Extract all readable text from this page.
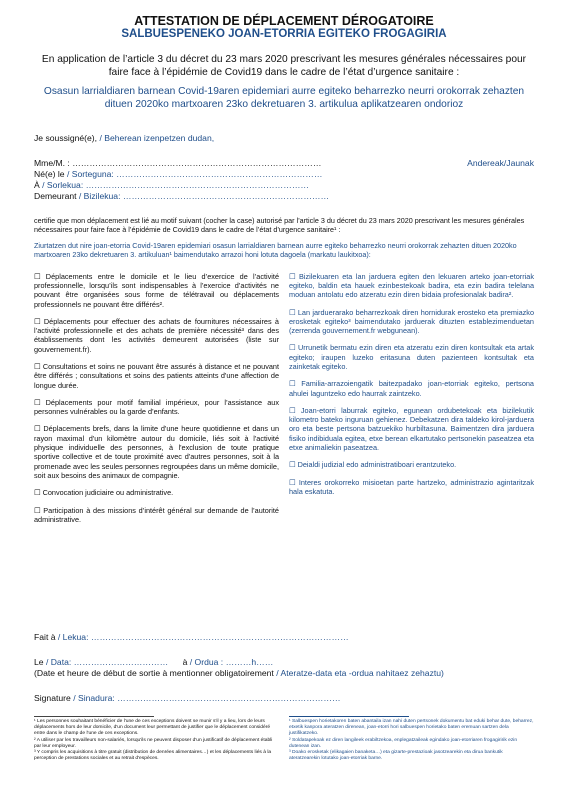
ATTESTATION DE DÉPLACEMENT DÉROGATOIRE
SALBUESPENEKO JOAN-ETORRIA EGITEKO FROGAGIRIA
En application de l’article 3 du décret du 23 mars 2020 prescrivant les mesures générales nécessaires pour faire face à l’épidémie de Covid19 dans le cadre de l’état d’urgence sanitaire :
Osasun larrialdiaren barnean Covid-19aren epidemiari aurre egiteko beharrezko neurri orokorrak zehazten dituen 2020ko martxoaren 23ko dekretuaren 3. artikulua aplikatzearen ondorioz
Je soussigné(e), / Beherean izenpetzen dudan,
Mme/M. : ……………………………………………………………………………	Andereak/Jaunak
Né(e) le / Sorteguna: ………………………………………………………………
À / Sorlekua: ……………………………………………………………………
Demeurant / Bizilekua: ………………………………………………………………
certifie que mon déplacement est lié au motif suivant (cocher la case) autorisé par l’article 3 du décret du 23 mars 2020 prescrivant les mesures générales nécessaires pour faire face à l’épidémie de Covid19 dans le cadre de l’état d’urgence sanitaire¹ :
Ziurtatzen dut nire joan-etorria Covid-19aren epidemiari osasun larrialdiaren barnean aurre egiteko beharrezko neurri orokorrak zehazten dituen 2020ko martxoaren 23ko dekretuaren 3. artikuluan¹ baimendutako arrazoi honi lotuta dagoela (markatu laukitxoa):
☐ Déplacements entre le domicile et le lieu d’exercice de l’activité professionnelle, lorsqu’ils sont indispensables à l’exercice d’activités ne pouvant être organisées sous forme de télétravail ou déplacements professionnels ne pouvant être différés².
☐ Déplacements pour effectuer des achats de fournitures nécessaires à l’activité professionnelle et des achats de première nécessité³ dans des établissements dont les activités demeurent autorisées (liste sur gouvernement.fr).
☐ Consultations et soins ne pouvant être assurés à distance et ne pouvant être différés ; consultations et soins des patients atteints d'une affection de longue durée.
☐ Déplacements pour motif familial impérieux, pour l’assistance aux personnes vulnérables ou la garde d’enfants.
☐ Déplacements brefs, dans la limite d'une heure quotidienne et dans un rayon maximal d'un kilomètre autour du domicile, liés soit à l'activité physique individuelle des personnes, à l'exclusion de toute pratique sportive collective et de toute proximité avec d'autres personnes, soit à la promenade avec les seules personnes regroupées dans un même domicile, soit aux besoins des animaux de compagnie.
☐ Convocation judiciaire ou administrative.
☐ Participation à des missions d’intérêt général sur demande de l’autorité administrative.
☐ Bizilekuaren eta lan jarduera egiten den lekuaren arteko joan-etorriak egiteko, baldin eta hauek ezinbestekoak badira, eta ezin badira telelana moduan antolatu edo atzeratu ezin diren bidaia profesionalak badira².
☐ Lan jarduerarako beharrezkoak diren hornidurak erosteko eta premiazko erosketak egiteko³ baimendutako jarduerak dituzten establezimenduetan (zerrenda gouvernement.fr webgunean).
☐ Urrunetik bermatu ezin diren eta atzeratu ezin diren kontsultak eta artak egiteko; iraupen luzeko eritasuna duten pazienteen kontsultak eta zainketak egiteko.
☐ Familia-arrazoiengatik baitezpadako joan-etorriak egiteko, pertsona ahulei laguntzeko edo haurrak zaintzeko.
☐ Joan-etorri laburrak egiteko, egunean ordubetekoak eta bizilekutik kilometro bateko inguruan gehienez. Debekatzen dira taldeko kirol-jarduera oro eta beste pertsona batzuekiko hurbiltasuna. Baimentzen dira jarduera fisiko indibiduala egitea, etxe berean elkartutako pertsonekin paseatzea eta etxe animaliekin paseatzea.
☐ Deialdi judizial edo administratiboari erantzuteko.
☐ Interes orokorreko misioetan parte hartzeko, administrazio agintaritzak hala eskatuta.
Fait à / Lekua: ………………………………………………………………………………
Le / Data: …………………………… à / Ordua : ………h……
(Date et heure de début de sortie à mentionner obligatoirement / Ateratze-data eta -ordua nahitaez zehaztu)
Signature / Sinadura: ……………………………………………………………………
¹ Les personnes souhaitant bénéficier de l'une de ces exceptions doivent se munir s'il y a lieu, lors de leurs déplacements hors de leur domicile, d'un document leur permettant de justifier que le déplacement considéré entre dans le champ de l'une de ces exceptions.
² A utiliser par les travailleurs non-salariés, lorsqu'ils ne peuvent disposer d'un justificatif de déplacement établi par leur employeur.
³ Y compris les acquisitions à titre gratuit (distribution de denrées alimentaires…) et les déplacements liés à la perception de prestations sociales et au retrait d'espèces.
¹ Salbuespen horietakoren baten abantaila izan nahi duten pertsonek dokumentu bat eduki behar dute, beharrez, etxetik kanpora ateratzen direnean, joan-etorri hori salbuespen horietako baten eremuan sartzen dela justifikatzeko.
² Soldatapekoak ez diren langileek erabiltzekoa, enplegatzaileak egindako joan-etorriaren frogagiririk ezin dutenean izan.
³ Doako erosketak (elikagaien banaketa…) eta gizarte-prestazioak jasotzearekin eta dirua bankutik ateratzearekin lotutako joan-etorriak barne.
